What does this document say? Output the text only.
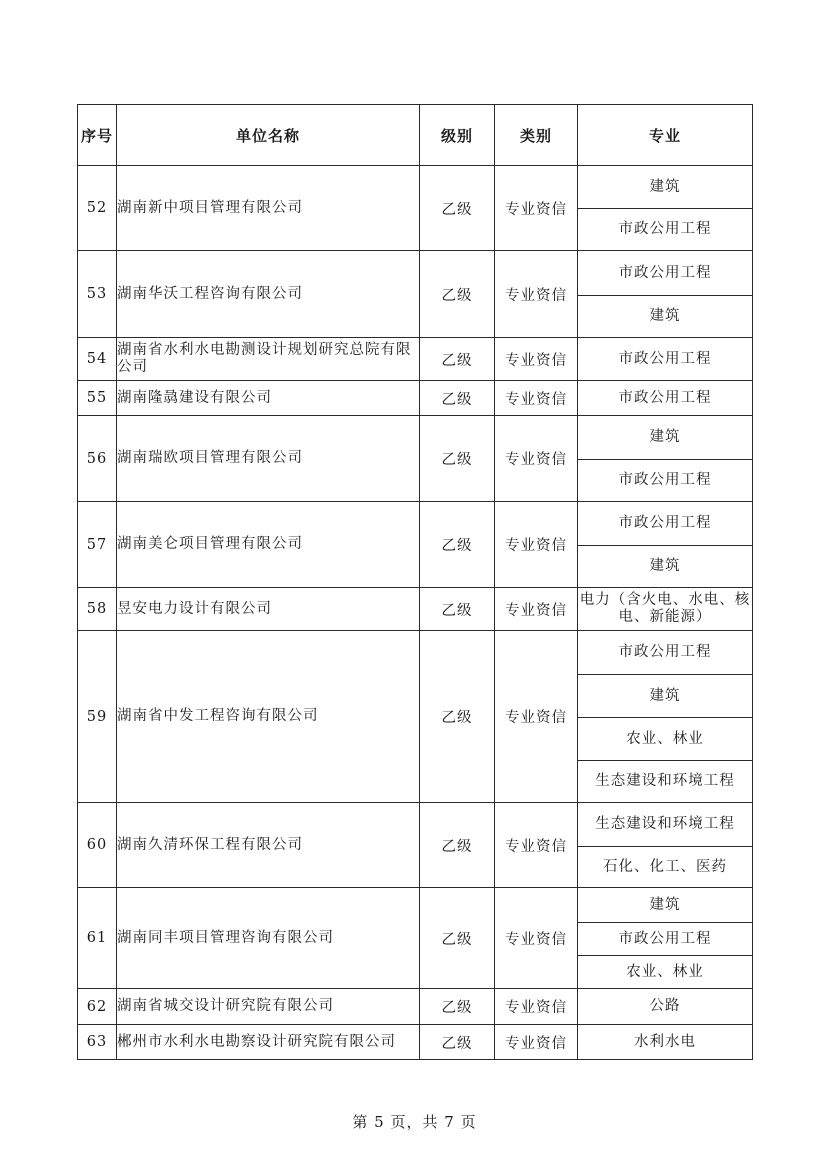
序号	单位名称	级别	类别	专业
52	湖南新中项目管理有限公司	乙级	专业资信	建筑
				市政公用工程
53	湖南华沃工程咨询有限公司	乙级	专业资信	市政公用工程
				建筑
54	湖南省水利水电勘测设计规划研究总院有限公司	乙级	专业资信	市政公用工程
55	湖南隆骉建设有限公司	乙级	专业资信	市政公用工程
56	湖南瑞欧项目管理有限公司	乙级	专业资信	建筑
				市政公用工程
57	湖南美仑项目管理有限公司	乙级	专业资信	市政公用工程
				建筑
58	昱安电力设计有限公司	乙级	专业资信	电力（含火电、水电、核电、新能源）
59	湖南省中发工程咨询有限公司	乙级	专业资信	市政公用工程
				建筑
				农业、林业
				生态建设和环境工程
60	湖南久清环保工程有限公司	乙级	专业资信	生态建设和环境工程
				石化、化工、医药
61	湖南同丰项目管理咨询有限公司	乙级	专业资信	建筑
				市政公用工程
				农业、林业
62	湖南省城交设计研究院有限公司	乙级	专业资信	公路
63	郴州市水利水电勘察设计研究院有限公司	乙级	专业资信	水利水电
第 5 页，共 7 页
